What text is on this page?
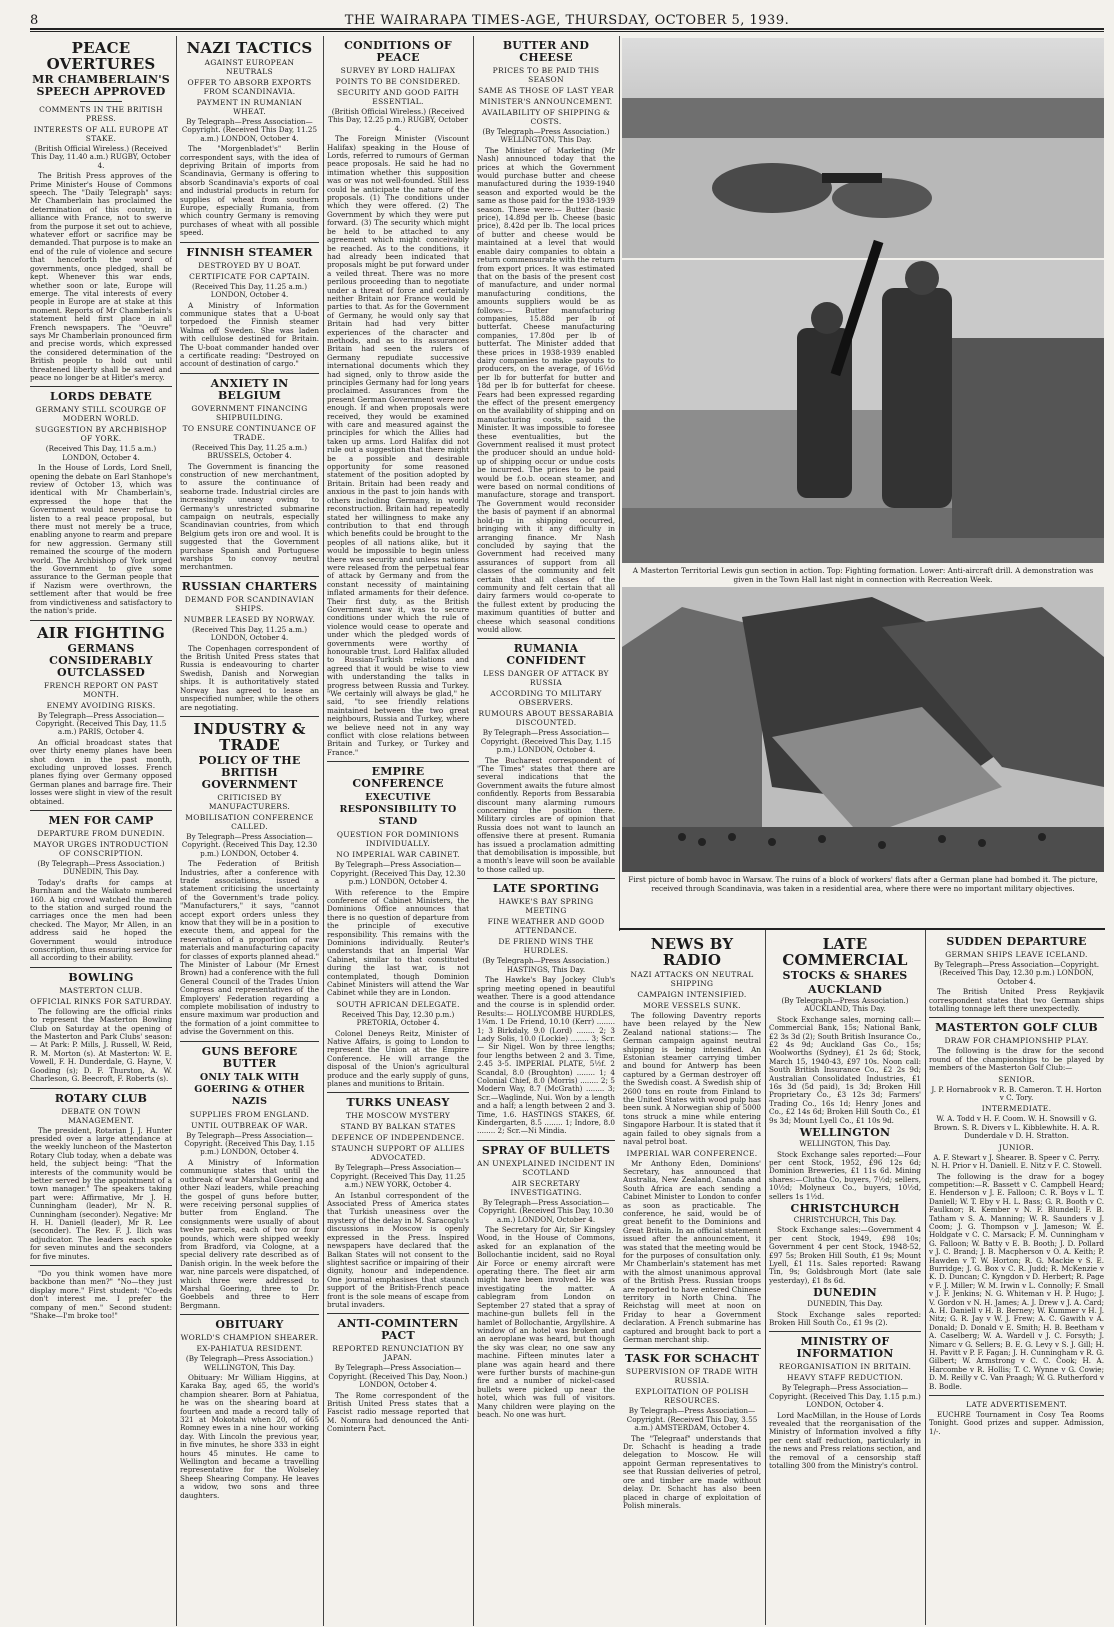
8	THE WAIRARAPA TIMES-AGE, THURSDAY, OCTOBER 5, 1939.
PEACE OVERTURES
MR CHAMBERLAIN'S SPEECH APPROVED
COMMENTS IN THE BRITISH PRESS.
INTERESTS OF ALL EUROPE AT STAKE.

(British Official Wireless.) (Received This Day, 11.40 a.m.) RUGBY, October 4.

The British Press approves of the Prime Minister's House of Commons speech. The "Daily Telegraph" says: Mr Chamberlain has proclaimed the determination of this country, in alliance with France, not to swerve from the purpose it set out to achieve, whatever effort or sacrifice may be demanded. That purpose is to make an end of the rule of violence and secure that henceforth the word of governments, once pledged, shall be kept. Whenever this war ends, whether soon or late, Europe will emerge. The vital interests of every people in Europe are at stake at this moment. Reports of Mr Chamberlain's statement held first place in all French newspapers. The "Oeuvre" says Mr Chamberlain pronounced firm and precise words, which expressed the considered determination of the British people to hold out until threatened liberty shall be saved and peace no longer be at Hitler's mercy.

LORDS DEBATE
GERMANY STILL SCOURGE OF MODERN WORLD.
SUGGESTION BY ARCHBISHOP OF YORK.

(Received This Day, 11.5 a.m.) LONDON, October 4.

In the House of Lords, Lord Snell, opening the debate on Earl Stanhope's review of October 13, which was identical with Mr Chamberlain's, expressed the hope that the Government would never refuse to listen to a real peace proposal, but there must not merely be a truce, enabling anyone to rearm and prepare for new aggression. Germany still remained the scourge of the modern world. The Archbishop of York urged the Government to give some assurance to the German people that if Nazism were overthrown, the settlement after that would be free from vindictiveness and satisfactory to the nation's pride.

AIR FIGHTING
GERMANS CONSIDERABLY OUTCLASSED
FRENCH REPORT ON PAST MONTH.
ENEMY AVOIDING RISKS.

By Telegraph—Press Association—Copyright. (Received This Day, 11.5 a.m.) PARIS, October 4.

An official broadcast states that over thirty enemy planes have been shot down in the past month, excluding unproved losses. French planes flying over Germany opposed German planes and barrage fire. Their losses were slight in view of the result obtained.

MEN FOR CAMP
DEPARTURE FROM DUNEDIN.
MAYOR URGES INTRODUCTION OF CONSCRIPTION.

(By Telegraph—Press Association.) DUNEDIN, This Day.

Today's drafts for camps at Burnham and the Waikato numbered 160. A big crowd watched the march to the station and surged round the carriages once the men had been checked. The Mayor, Mr Allen, in an address said he hoped the Government would introduce conscription, thus ensuring service for all according to their ability.

BOWLING
MASTERTON CLUB.
OFFICIAL RINKS FOR SATURDAY.

The following are the official rinks to represent the Masterton Bowling Club on Saturday at the opening of the Masterton and Park Clubs' season:— At Park: P. Mills, J. Russell, W. Reid, R. M. Morton (s). At Masterton: W. E. Vowell, F. H. Dunderdale, G. Hayne, V. Gooding (s); D. F. Thurston, A. W. Charleson, G. Beecroft, F. Roberts (s).

ROTARY CLUB
DEBATE ON TOWN MANAGEMENT.

The president, Rotarian J. J. Hunter presided over a large attendance at the weekly luncheon of the Masterton Rotary Club today, when a debate was held, the subject being: "That the interests of the community would be better served by the appointment of a town manager." The speakers taking part were: Affirmative, Mr J. H. Cunningham (leader), Mr N. R. Cunningham (seconder). Negative: Mr H. H. Daniell (leader), Mr R. Lee (seconder). The Rev. F. J. Ilich was adjudicator. The leaders each spoke for seven minutes and the seconders for five minutes.

"Do you think women have more backbone than men?" "No—they just display more." First student: "Co-eds don't interest me. I prefer the company of men." Second student: "Shake—I'm broke too!"

NAZI TACTICS
AGAINST EUROPEAN NEUTRALS
OFFER TO ABSORB EXPORTS FROM SCANDINAVIA.
PAYMENT IN RUMANIAN WHEAT.

By Telegraph—Press Association—Copyright. (Received This Day, 11.25 a.m.) LONDON, October 4.

The "Morgenbladet's" Berlin correspondent says, with the idea of depriving Britain of imports from Scandinavia, Germany is offering to absorb Scandinavia's exports of coal and industrial products in return for supplies of wheat from southern Europe, especially Rumania, from which country Germany is removing purchases of wheat with all possible speed.

FINNISH STEAMER
DESTROYED BY U BOAT.
CERTIFICATE FOR CAPTAIN.

(Received This Day, 11.25 a.m.) LONDON, October 4.

A Ministry of Information communique states that a U-boat torpedoed the Finnish steamer Walma off Sweden. She was laden with cellulose destined for Britain. The U-boat commander handed over a certificate reading: "Destroyed on account of destination of cargo."

ANXIETY IN BELGIUM
GOVERNMENT FINANCING SHIPBUILDING.
TO ENSURE CONTINUANCE OF TRADE.

(Received This Day, 11.25 a.m.) BRUSSELS, October 4.

The Government is financing the construction of new merchantment, to assure the continuance of seaborne trade. Industrial circles are increasingly uneasy owing to Germany's unrestricted submarine campaign on neutrals, especially Scandinavian countries, from which Belgium gets iron ore and wool. It is suggested that the Government purchase Spanish and Portuguese warships to convoy neutral merchantmen.

RUSSIAN CHARTERS
DEMAND FOR SCANDINAVIAN SHIPS.
NUMBER LEASED BY NORWAY.

(Received This Day, 11.25 a.m.) LONDON, October 4.

The Copenhagen correspondent of the British United Press states that Russia is endeavouring to charter Swedish, Danish and Norwegian ships. It is authoritatively stated Norway has agreed to lease an unspecified number, while the others are negotiating.

INDUSTRY & TRADE
POLICY OF THE BRITISH GOVERNMENT
CRITICISED BY MANUFACTURERS.
MOBILISATION CONFERENCE CALLED.

By Telegraph—Press Association—Copyright. (Received This Day, 12.30 p.m.) LONDON, October 4.

The Federation of British Industries, after a conference with trade associations, issued a statement criticising the uncertainty of the Government's trade policy. "Manufacturers," it says, "cannot accept export orders unless they know that they will be in a position to execute them, and appeal for the reservation of a proportion of raw materials and manufacturing capacity for classes of exports planned ahead." The Minister of Labour (Mr Ernest Brown) had a conference with the full General Council of the Trades Union Congress and representatives of the Employers' Federation regarding a complete mobilisation of industry to ensure maximum war production and the formation of a joint committee to advise the Government on this.

GUNS BEFORE BUTTER
ONLY TALK WITH GOERING & OTHER NAZIS
SUPPLIES FROM ENGLAND.
UNTIL OUTBREAK OF WAR.

By Telegraph—Press Association—Copyright. (Received This Day, 1.15 p.m.) LONDON, October 4.

A Ministry of Information communique states that until the outbreak of war Marshal Goering and other Nazi leaders, while preaching the gospel of guns before butter, were receiving personal supplies of butter from England. The consignments were usually of about twelve parcels, each of two or four pounds, which were shipped weekly from Bradford, via Cologne, at a special delivery rate described as of Danish origin. In the week before the war, nine parcels were dispatched, of which three were addressed to Marshal Goering, three to Dr. Goebbels and three to Herr Bergmann.

OBITUARY
WORLD'S CHAMPION SHEARER.
EX-PAHIATUA RESIDENT.

(By Telegraph—Press Association.) WELLINGTON, This Day.

Obituary: Mr William Higgins, at Karaka Bay, aged 65, the world's champion shearer. Born at Pahiatua, he was on the shearing board at fourteen and made a record tally of 321 at Mokotahi when 20, of 665 Romney ewes in a nine hour working day. With Lincoln the previous year, in five minutes, he shore 333 in eight hours 45 minutes. He came to Wellington and became a travelling representative for the Wolseley Sheep Shearing Company. He leaves a widow, two sons and three daughters.

CONDITIONS OF PEACE
SURVEY BY LORD HALIFAX
POINTS TO BE CONSIDERED.
SECURITY AND GOOD FAITH ESSENTIAL.

(British Official Wireless.) (Received This Day, 12.25 p.m.) RUGBY, October 4.

The Foreign Minister (Viscount Halifax) speaking in the House of Lords, referred to rumours of German peace proposals. He said he had no intimation whether this supposition was or was not well-founded. Still less could he anticipate the nature of the proposals. (1) The conditions under which they were offered. (2) The Government by which they were put forward. (3) The security which might be held to be attached to any agreement which might conceivably be reached. As to the conditions, it had already been indicated that proposals might be put forward under a veiled threat. There was no more perilous proceeding than to negotiate under a threat of force and certainly neither Britain nor France would be parties to that. As for the Government of Germany, he would only say that Britain had had very bitter experiences of the character and methods, and as to its assurances Britain had seen the rulers of Germany repudiate successive international documents which they had signed, only to throw aside the principles Germany had for long years proclaimed. Assurances from the present German Government were not enough. If and when proposals were received, they would be examined with care and measured against the principles for which the Allies had taken up arms. Lord Halifax did not rule out a suggestion that there might be a possible and desirable opportunity for some reasoned statement of the position adopted by Britain. Britain had been ready and anxious in the past to join hands with others including Germany, in world reconstruction. Britain had repeatedly stated her willingness to make any contribution to that end through which benefits could be brought to the peoples of all nations alike, but it would be impossible to begin unless there was security and unless nations were released from the perpetual fear of attack by Germany and from the constant necessity of maintaining inflated armaments for their defence. Their first duty, as the British Government saw it, was to secure conditions under which the rule of violence would cease to operate and under which the pledged words of governments were worthy of honourable trust. Lord Halifax alluded to Russian-Turkish relations and agreed that it would be wise to view with understanding the talks in progress between Russia and Turkey. "We certainly will always be glad," he said, "to see friendly relations maintained between the two great neighbours, Russia and Turkey, where we believe need not in any way conflict with close relations between Britain and Turkey, or Turkey and France."

EMPIRE CONFERENCE
EXECUTIVE RESPONSIBILITY TO STAND
QUESTION FOR DOMINIONS INDIVIDUALLY.
NO IMPERIAL WAR CABINET.

By Telegraph—Press Association—Copyright. (Received This Day, 12.30 p.m.) LONDON, October 4.

With reference to the Empire conference of Cabinet Ministers, the Dominions Office announces that there is no question of departure from the principle of executive responsibility. This remains with the Dominions individually. Reuter's understands that an Imperial War Cabinet, similar to that constituted during the last war, is not contemplated, though Dominion Cabinet Ministers will attend the War Cabinet while they are in London.

SOUTH AFRICAN DELEGATE.

Received This Day, 12.30 p.m.) PRETORIA, October 4.

Colonel Deneys Reitz, Minister of Native Affairs, is going to London to represent the Union at the Empire Conference. He will arrange the disposal of the Union's agricultural produce and the early supply of guns, planes and munitions to Britain.

TURKS UNEASY
THE MOSCOW MYSTERY
STAND BY BALKAN STATES
DEFENCE OF INDEPENDENCE.
STAUNCH SUPPORT OF ALLIES ADVOCATED.

By Telegraph—Press Association—Copyright. (Received This Day, 11.25 a.m.) NEW YORK, October 4.

An Istanbul correspondent of the Associated Press of America states that Turkish uneasiness over the mystery of the delay in M. Saracoglu's discussions in Moscow is openly expressed in the Press. Inspired newspapers have declared that the Balkan States will not consent to the slightest sacrifice or impairing of their dignity, honour and independence. One journal emphasises that staunch support of the British-French peace front is the sole means of escape from brutal invaders.

ANTI-COMINTERN PACT
REPORTED RENUNCIATION BY JAPAN.

By Telegraph—Press Association—Copyright. (Received This Day, Noon.) LONDON, October 4.

The Rome correspondent of the British United Press states that a Fascist radio message reported that M. Nomura had denounced the Anti-Comintern Pact.

BUTTER AND CHEESE
PRICES TO BE PAID THIS SEASON
SAME AS THOSE OF LAST YEAR
MINISTER'S ANNOUNCEMENT.
AVAILABILITY OF SHIPPING & COSTS.

(By Telegraph—Press Association.) WELLINGTON, This Day.

The Minister of Marketing (Mr Nash) announced today that the prices at which the Government would purchase butter and cheese manufactured during the 1939-1940 season and exported would be the same as those paid for the 1938-1939 season. These were:— Butter (basic price), 14.89d per lb. Cheese (basic price), 8.42d per lb. The local prices of butter and cheese would be maintained at a level that would enable dairy companies to obtain a return commensurate with the return from export prices. It was estimated that on the basis of the present cost of manufacture, and under normal manufacturing conditions, the amounts suppliers would be as follows:— Butter manufacturing companies, 15.88d per lb of butterfat. Cheese manufacturing companies, 17.80d per lb of butterfat. The Minister added that these prices in 1938-1939 enabled dairy companies to make payouts to producers, on the average, of 16½d per lb for butterfat for butter and 18d per lb for butterfat for cheese. Fears had been expressed regarding the effect of the present emergency on the availability of shipping and on manufacturing costs, said the Minister. It was impossible to foresee these eventualities, but the Government realised it must protect the producer should an undue hold-up of shipping occur or undue costs be incurred. The prices to be paid would be f.o.b. ocean steamer, and were based on normal conditions of manufacture, storage and transport. The Government would reconsider the basis of payment if an abnormal hold-up in shipping occurred, bringing with it any difficulty in arranging finance. Mr Nash concluded by saying that the Government had received many assurances of support from all classes of the community and felt certain that all classes of the community and felt certain that all dairy farmers would co-operate to the fullest extent by producing the maximum quantities of butter and cheese which seasonal conditions would allow.

RUMANIA CONFIDENT
LESS DANGER OF ATTACK BY RUSSIA
ACCORDING TO MILITARY OBSERVERS.
RUMOURS ABOUT BESSARABIA DISCOUNTED.

By Telegraph—Press Association—Copyright. (Received This Day, 1.15 p.m.) LONDON, October 4.

The Bucharest correspondent of "The Times" states that there are several indications that the Government awaits the future almost confidently. Reports from Bessarabia discount many alarming rumours concerning the position there. Military circles are of opinion that Russia does not want to launch an offensive there at present. Rumania has issued a proclamation admitting that demobilisation is impossible, but a month's leave will soon be available to those called up.

LATE SPORTING
HAWKE'S BAY SPRING MEETING
FINE WEATHER AND GOOD ATTENDANCE.
DE FRIEND WINS THE HURDLES.

(By Telegraph—Press Association.) HASTINGS, This Day.

The Hawke's Bay Jockey Club's spring meeting opened in beautiful weather. There is a good attendance and the course is in splendid order. Results:— HOLLYCOMBE HURDLES, 1¼m. 1 De Friend, 10.10 (Kerr) ........ 1; 3 Birkdaly, 9.0 (Lord) ........ 2; 3 Lady Solis, 10.0 (Lockie) ........ 3; Scr.— Sir Nigel. Won by three lengths; four lengths between 2 and 3. Time, 2.45 3-5. IMPERIAL PLATE, 5½f. 2 Scandal, 8.0 (Broughton) ........ 1; 4 Colonial Chief, 8.0 (Morris) ........ 2; 5 Modern Way, 8.7 (McGrath) ........ 3; Scr.—Waglinde, Nui. Won by a length and a half; a length between 2 and 3. Time, 1.6. HASTINGS STAKES, 6f. Kindergarten, 8.5 ........ 1; Indore, 8.0 ........ 2; Scr.—Ni Mindia.

SPRAY OF BULLETS
AN UNEXPLAINED INCIDENT IN SCOTLAND
AIR SECRETARY INVESTIGATING.

By Telegraph—Press Association—Copyright. (Received This Day, 10.30 a.m.) LONDON, October 4.

The Secretary for Air, Sir Kingsley Wood, in the House of Commons, asked for an explanation of the Bollochantie incident, said no Royal Air Force or enemy aircraft were operating there. The fleet air arm might have been involved. He was investigating the matter. A cablegram from London on September 27 stated that a spray of machine-gun bullets fell in the hamlet of Bollochantie, Argyllshire. A window of an hotel was broken and an aeroplane was heard, but though the sky was clear, no one saw any machine. Fifteen minutes later a plane was again heard and there were further bursts of machine-gun fire and a number of nickel-cased bullets were picked up near the hotel, which was full of visitors. Many children were playing on the beach. No one was hurt.

A Masterton Territorial Lewis gun section in action. Top: Fighting formation. Lower: Anti-aircraft drill. A demonstration was given in the Town Hall last night in connection with Recreation Week.
First picture of bomb havoc in Warsaw. The ruins of a block of workers' flats after a German plane had bombed it. The picture, received through Scandinavia, was taken in a residential area, where there were no important military objectives.
NEWS BY RADIO
NAZI ATTACKS ON NEUTRAL SHIPPING
CAMPAIGN INTENSIFIED.
MORE VESSELS SUNK.

The following Daventry reports have been relayed by the New Zealand national stations:— The German campaign against neutral shipping is being intensified. An Estonian steamer carrying timber and bound for Antwerp has been captured by a German destroyer off the Swedish coast. A Swedish ship of 2600 tons en route from Finland to the United States with wood pulp has been sunk. A Norwegian ship of 5000 tons struck a mine while entering Singapore Harbour. It is stated that it again failed to obey signals from a naval petrol boat.

IMPERIAL WAR CONFERENCE.

Mr Anthony Eden, Dominions' Secretary, has announced that Australia, New Zealand, Canada and South Africa are each sending a Cabinet Minister to London to confer as soon as practicable. The conference, he said, would be of great benefit to the Dominions and Great Britain. In an official statement issued after the announcement, it was stated that the meeting would be for the purposes of consultation only. Mr Chamberlain's statement has met with the almost unanimous approval of the British Press. Russian troops are reported to have entered Chinese territory in North China. The Reichstag will meet at noon on Friday to hear a Government declaration. A French submarine has captured and brought back to port a German merchant ship.

TASK FOR SCHACHT
SUPERVISION OF TRADE WITH RUSSIA.
EXPLOITATION OF POLISH RESOURCES.

By Telegraph—Press Association—Copyright. (Received This Day, 3.55 a.m.) AMSTERDAM, October 4.

The "Telegraaf" understands that Dr. Schacht is heading a trade delegation to Moscow. He will appoint German representatives to see that Russian deliveries of petrol, ore and timber are made without delay. Dr. Schacht has also been placed in charge of exploitation of Polish minerals.

LATE COMMERCIAL
STOCKS & SHARES
AUCKLAND

(By Telegraph—Press Association.) AUCKLAND, This Day.

Stock Exchange sales, morning call:—Commercial Bank, 15s; National Bank, £2 3s 3d (2); South British Insurance Co., £2 4s 9d; Auckland Gas Co., 15s; Woolworths (Sydney), £1 2s 6d; Stock, March 15, 1940-43, £97 10s. Noon call: South British Insurance Co., £2 2s 9d; Australian Consolidated Industries, £1 16s 3d (5d paid), 1s 3d; Broken Hill Proprietary Co., £3 12s 3d; Farmers' Trading Co., 16s 1d; Henry Jones and Co., £2 14s 6d; Broken Hill South Co., £1 9s 3d; Mount Lyell Co., £1 10s 9d.

WELLINGTON

WELLINGTON, This Day.

Stock Exchange sales reported:—Four per cent Stock, 1952, £96 12s 6d; Dominion Breweries, £1 11s 6d. Mining shares:—Cluthа Co, buyers, 7½d; sellers, 10½d; Molyneux Co., buyers, 10½d, sellers 1s 1½d.

CHRISTCHURCH

CHRISTCHURCH, This Day.

Stock Exchange sales:—Government 4 per cent Stock, 1949, £98 10s; Government 4 per cent Stock, 1948-52, £97 5s; Broken Hill South, £1 9s; Mount Lyell, £1 11s. Sales reported: Rawang Tin, 9s; Goldsbrough Mort (late sale yesterday), £1 8s 6d.

DUNEDIN

DUNEDIN, This Day.

Stock Exchange sales reported: Broken Hill South Co., £1 9s (2).

MINISTRY OF INFORMATION
REORGANISATION IN BRITAIN.
HEAVY STAFF REDUCTION.

By Telegraph—Press Association—Copyright. (Received This Day, 1.15 p.m.) LONDON, October 4.

Lord MacMillan, in the House of Lords revealed that the reorganisation of the Ministry of Information involved a fifty per cent staff reduction, particularly in the news and Press relations section, and the removal of a censorship staff totalling 300 from the Ministry's control.

SUDDEN DEPARTURE
GERMAN SHIPS LEAVE ICELAND.

By Telegraph—Press Association—Copyright. (Received This Day, 12.30 p.m.) LONDON, October 4.

The British United Press Reykjavik correspondent states that two German ships totalling tonnage left there unexpectedly.

MASTERTON GOLF CLUB
DRAW FOR CHAMPIONSHIP PLAY.

The following is the draw for the second round of the championships to be played by members of the Masterton Golf Club:—

SENIOR.

J. P. Hornabrook v R. B. Cameron. T. H. Horton v C. Tory.

INTERMEDIATE.

W. A. Todd v H. F. Coom. W. H. Snowsill v G. Brown. S. R. Divers v L. Kibblewhite. H. A. R. Dunderdale v D. H. Stratton.

JUNIOR.

A. F. Stewart v J. Shearer. B. Speer v C. Perry. N. H. Prior v H. Daniell. E. Nitz v F. C. Stowell.

The following is the draw for a bogey competition:—R. Bassett v C. Campbell Heard; E. Henderson v J. E. Falloon; C. R. Boys v L. T. Daniell; W. T. Eby v H. L. Bass; G. R. Booth v C. Faulknor; R. Kember v N. F. Blundell; F. B. Tatham v S. A. Manning; W. R. Saunders v J. Coom; J. G. Thompson v J. Jameson; W. E. Holdgate v C. C. Marsack; F. M. Cunningham v G. Falloon; W. Batty v E. B. Booth; J. D. Pollard v J. C. Brand; J. B. Macpherson v O. A. Keith; P. Hawden v T. W. Horton; R. G. Mackie v S. E. Burridge; J. G. Box v C. R. Judd; R. McKenzie v K. D. Duncan; C. Kyngdon v D. Herbert; R. Page v F. J. Miller; W. M. Irwin v L. Connolly; F. Small v J. F. Jenkins; N. G. Whiteman v H. P. Hugo; J. V. Gordon v N. H. James; A. J. Drew v J. A. Card; A. H. Daniell v H. B. Berney; W. Kummer v H. J. Nitz; G. R. Jay v W. J. Frew; A. C. Gawith v A. Donald; D. Donald v E. Smith; H. B. Beetham v A. Caselberg; W. A. Wardell v J. C. Forsyth; J. Nimarc v G. Sellers; B. E. G. Levy v S. J. Gill; H. H. Pavitt v P. F. Fagan; J. H. Cunningham v R. G. Gilbert; W. Armstrong v C. C. Cook; H. A. Harcombe v R. Hollis; T. C. Wynne v G. Cowie; D. M. Reilly v C. Van Praagh; W. G. Rutherford v B. Bodle.

LATE ADVERTISEMENT.

EUCHRE Tournament in Cosy Tea Rooms Tonight. Good prizes and supper. Admission, 1/-.
